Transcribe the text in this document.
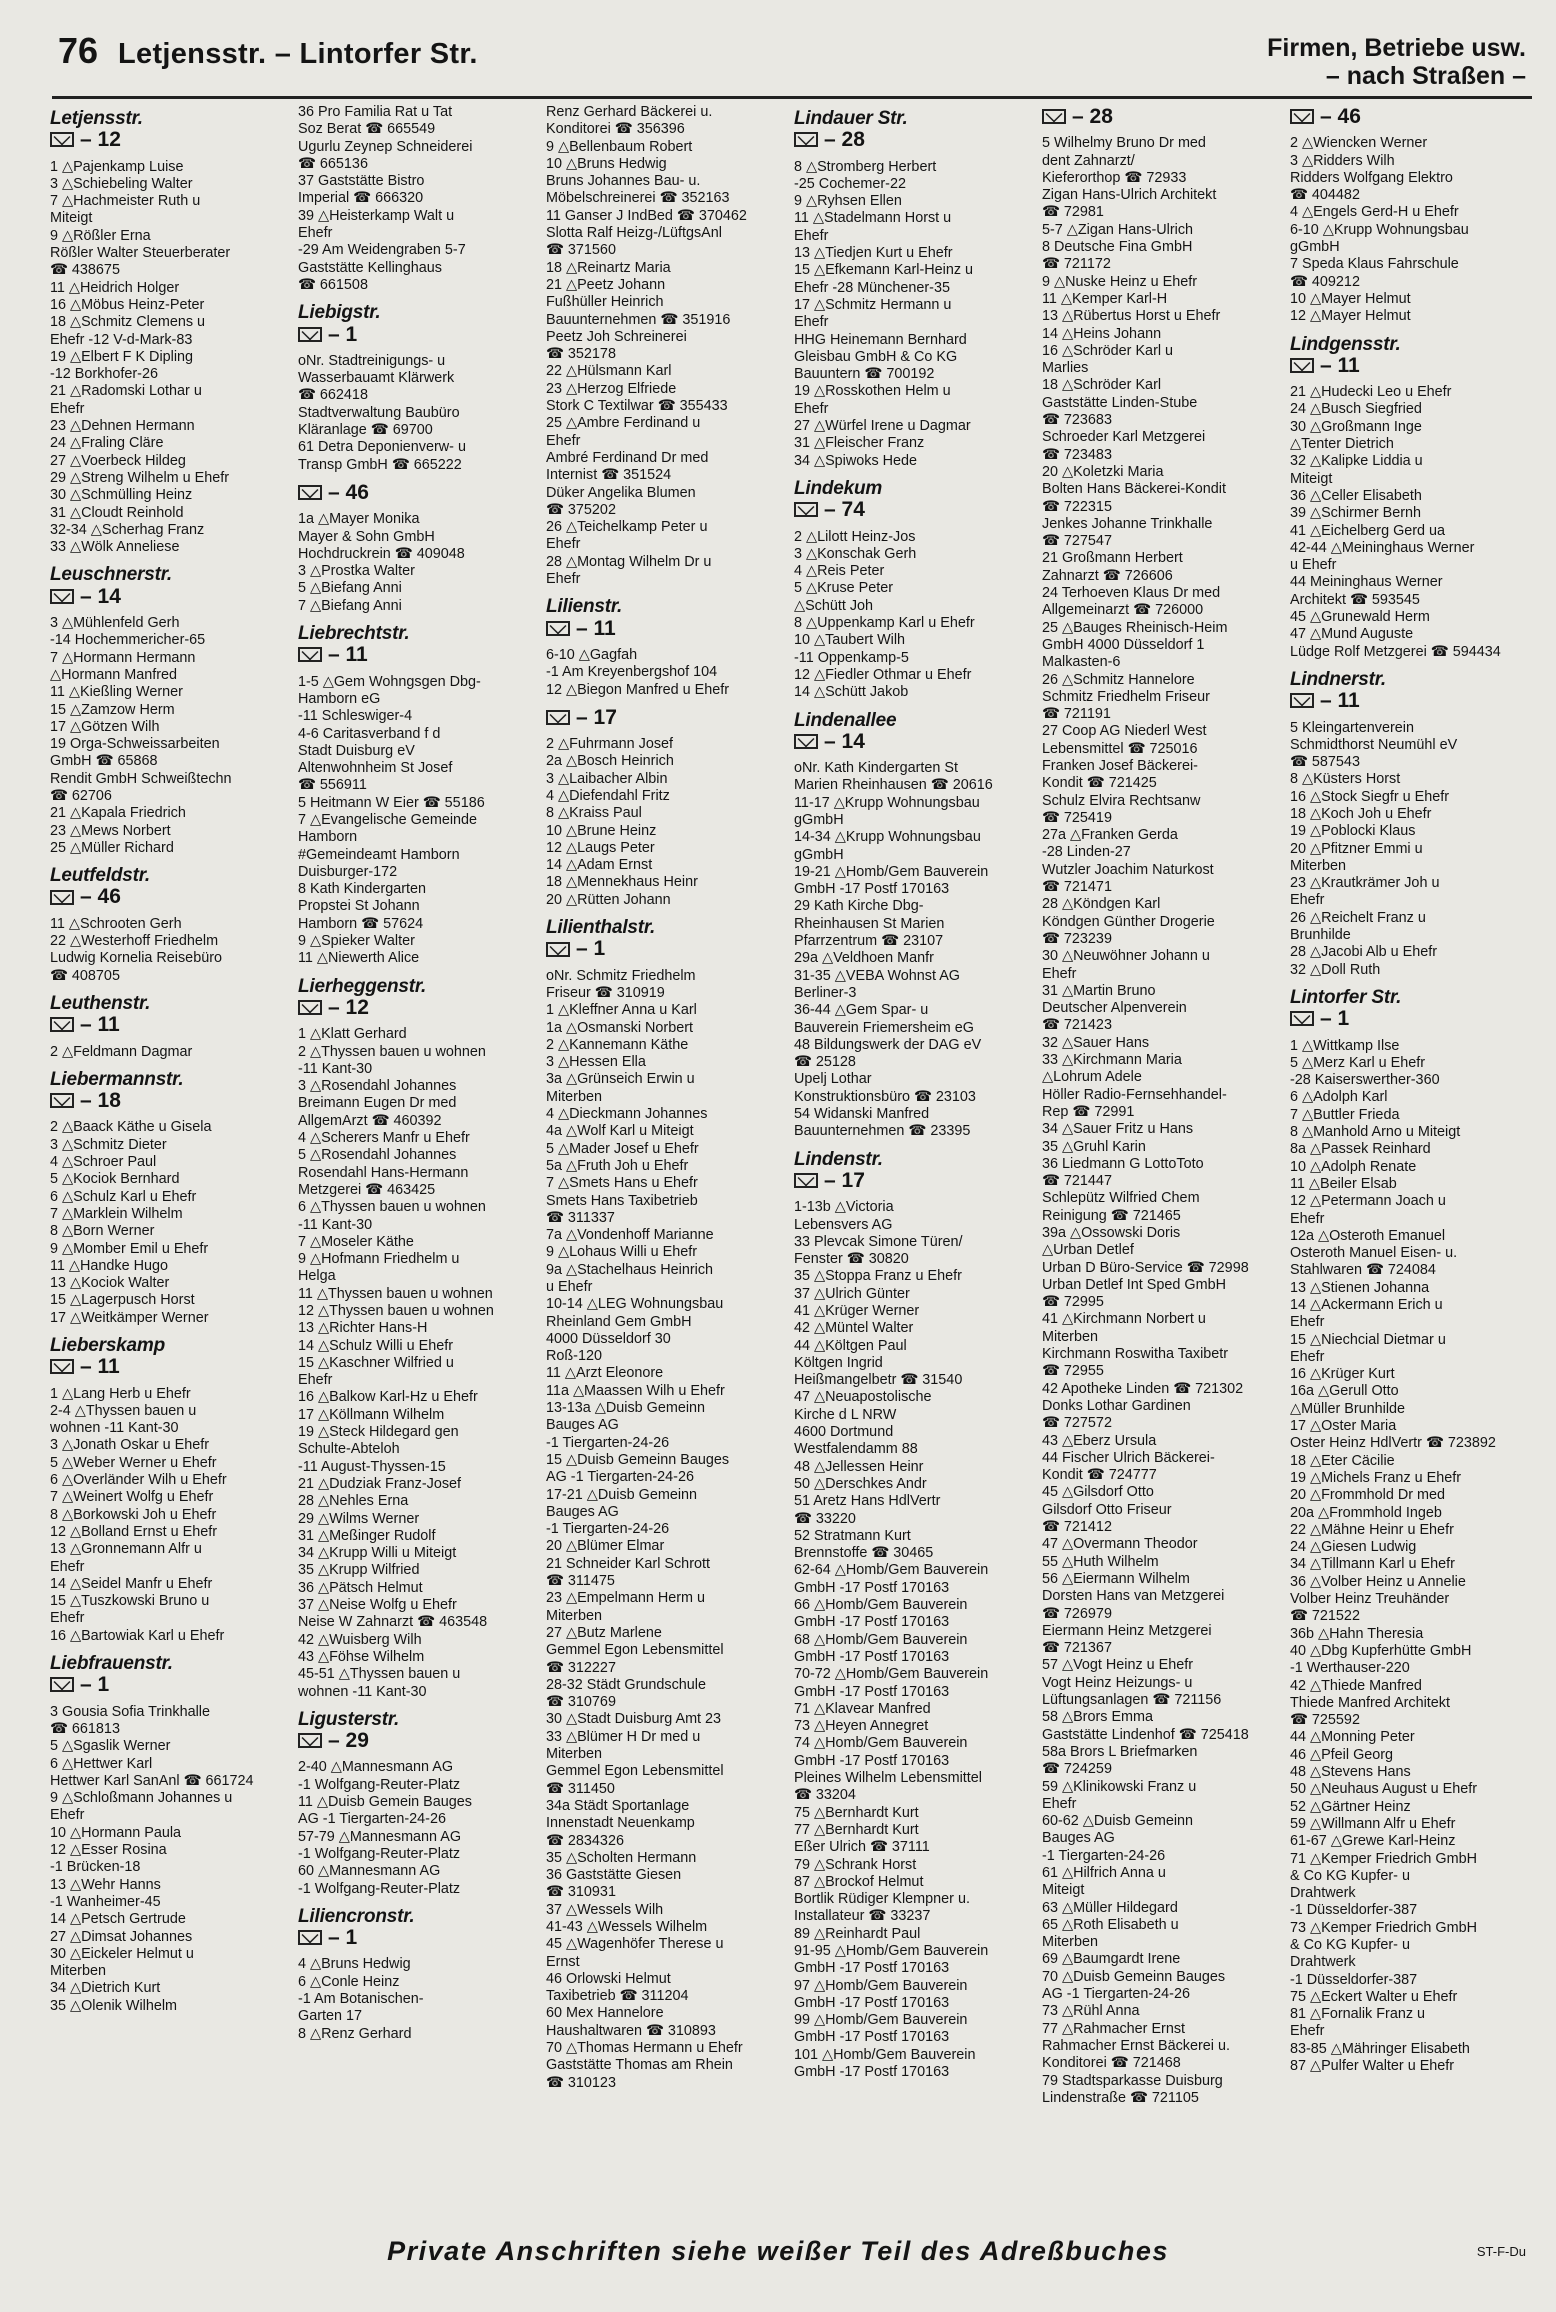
76 Letjensstr. – Lintorfer Str.	Firmen, Betriebe usw.
– nach Straßen –
Letjensstr.
– 12
1 △Pajenkamp Luise
3 △Schiebeling Walter
7 △Hachmeister Ruth u
Miteigt
9 △Rößler Erna
Rößler Walter Steuerberater
☎ 438675
11 △Heidrich Holger
16 △Möbus Heinz-Peter
18 △Schmitz Clemens u
Ehefr -12 V-d-Mark-83
19 △Elbert F K Dipling
-12 Borkhofer-26
21 △Radomski Lothar u
Ehefr
23 △Dehnen Hermann
24 △Fraling Cläre
27 △Voerbeck Hildeg
29 △Streng Wilhelm u Ehefr
30 △Schmülling Heinz
31 △Cloudt Reinhold
32-34 △Scherhag Franz
33 △Wölk Anneliese
Leuschnerstr.
– 14
3 △Mühlenfeld Gerh
-14 Hochemmericher-65
7 △Hormann Hermann
△Hormann Manfred
11 △Kießling Werner
15 △Zamzow Herm
17 △Götzen Wilh
19 Orga-Schweissarbeiten
GmbH ☎ 65868
Rendit GmbH Schweißtechn
☎ 62706
21 △Kapala Friedrich
23 △Mews Norbert
25 △Müller Richard
Leutfeldstr.
– 46
11 △Schrooten Gerh
22 △Westerhoff Friedhelm
Ludwig Kornelia Reisebüro
☎ 408705
Leuthenstr.
– 11
2 △Feldmann Dagmar
Liebermannstr.
– 18
2 △Baack Käthe u Gisela
3 △Schmitz Dieter
4 △Schroer Paul
5 △Kociok Bernhard
6 △Schulz Karl u Ehefr
7 △Marklein Wilhelm
8 △Born Werner
9 △Momber Emil u Ehefr
11 △Handke Hugo
13 △Kociok Walter
15 △Lagerpusch Horst
17 △Weitkämper Werner
Lieberskamp
– 11
1 △Lang Herb u Ehefr
2-4 △Thyssen bauen u
wohnen -11 Kant-30
3 △Jonath Oskar u Ehefr
5 △Weber Werner u Ehefr
6 △Overländer Wilh u Ehefr
7 △Weinert Wolfg u Ehefr
8 △Borkowski Joh u Ehefr
12 △Bolland Ernst u Ehefr
13 △Gronnemann Alfr u
Ehefr
14 △Seidel Manfr u Ehefr
15 △Tuszkowski Bruno u
Ehefr
16 △Bartowiak Karl u Ehefr
Liebfrauenstr.
– 1
3 Gousia Sofia Trinkhalle
☎ 661813
5 △Sgaslik Werner
6 △Hettwer Karl
Hettwer Karl SanAnl ☎ 661724
9 △Schloßmann Johannes u
Ehefr
10 △Hormann Paula
12 △Esser Rosina
-1 Brücken-18
13 △Wehr Hanns
-1 Wanheimer-45
14 △Petsch Gertrude
27 △Dimsat Johannes
30 △Eickeler Helmut u
Miterben
34 △Dietrich Kurt
35 △Olenik Wilhelm
36 Pro Familia Rat u Tat
Soz Berat ☎ 665549
Ugurlu Zeynep Schneiderei
☎ 665136
37 Gaststätte Bistro
Imperial ☎ 666320
39 △Heisterkamp Walt u
Ehefr
-29 Am Weidengraben 5-7
Gaststätte Kellinghaus
☎ 661508
Liebigstr.
– 1
oNr. Stadtreinigungs- u
Wasserbauamt Klärwerk
☎ 662418
Stadtverwaltung Baubüro
Kläranlage ☎ 69700
61 Detra Deponienverw- u
Transp GmbH ☎ 665222
– 46
1a △Mayer Monika
Mayer & Sohn GmbH
Hochdruckrein ☎ 409048
3 △Prostka Walter
5 △Biefang Anni
7 △Biefang Anni
Liebrechtstr.
– 11
1-5 △Gem Wohngsgen Dbg-
Hamborn eG
-11 Schleswiger-4
4-6 Caritasverband f d
Stadt Duisburg eV
Altenwohnheim St Josef
☎ 556911
5 Heitmann W Eier ☎ 55186
7 △Evangelische Gemeinde
Hamborn
#Gemeindeamt Hamborn
Duisburger-172
8 Kath Kindergarten
Propstei St Johann
Hamborn ☎ 57624
9 △Spieker Walter
11 △Niewerth Alice
Lierheggenstr.
– 12
1 △Klatt Gerhard
2 △Thyssen bauen u wohnen
-11 Kant-30
3 △Rosendahl Johannes
Breimann Eugen Dr med
AllgemArzt ☎ 460392
4 △Scherers Manfr u Ehefr
5 △Rosendahl Johannes
Rosendahl Hans-Hermann
Metzgerei ☎ 463425
6 △Thyssen bauen u wohnen
-11 Kant-30
7 △Moseler Käthe
9 △Hofmann Friedhelm u
Helga
11 △Thyssen bauen u wohnen
12 △Thyssen bauen u wohnen
13 △Richter Hans-H
14 △Schulz Willi u Ehefr
15 △Kaschner Wilfried u
Ehefr
16 △Balkow Karl-Hz u Ehefr
17 △Köllmann Wilhelm
19 △Steck Hildegard gen
Schulte-Abteloh
-11 August-Thyssen-15
21 △Dudziak Franz-Josef
28 △Nehles Erna
29 △Wilms Werner
31 △Meßinger Rudolf
34 △Krupp Willi u Miteigt
35 △Krupp Wilfried
36 △Pätsch Helmut
37 △Neise Wolfg u Ehefr
Neise W Zahnarzt ☎ 463548
42 △Wuisberg Wilh
43 △Föhse Wilhelm
45-51 △Thyssen bauen u
wohnen -11 Kant-30
Ligusterstr.
– 29
2-40 △Mannesmann AG
-1 Wolfgang-Reuter-Platz
11 △Duisb Gemein Bauges
AG -1 Tiergarten-24-26
57-79 △Mannesmann AG
-1 Wolfgang-Reuter-Platz
60 △Mannesmann AG
-1 Wolfgang-Reuter-Platz
Liliencronstr.
– 1
4 △Bruns Hedwig
6 △Conle Heinz
-1 Am Botanischen-
Garten 17
8 △Renz Gerhard
Renz Gerhard Bäckerei u.
Konditorei ☎ 356396
9 △Bellenbaum Robert
10 △Bruns Hedwig
Bruns Johannes Bau- u.
Möbelschreinerei ☎ 352163
11 Ganser J IndBed ☎ 370462
Slotta Ralf Heizg-/LüftgsAnl
☎ 371560
18 △Reinartz Maria
21 △Peetz Johann
Fußhüller Heinrich
Bauunternehmen ☎ 351916
Peetz Joh Schreinerei
☎ 352178
22 △Hülsmann Karl
23 △Herzog Elfriede
Stork C Textilwar ☎ 355433
25 △Ambre Ferdinand u
Ehefr
Ambré Ferdinand Dr med
Internist ☎ 351524
Düker Angelika Blumen
☎ 375202
26 △Teichelkamp Peter u
Ehefr
28 △Montag Wilhelm Dr u
Ehefr
Lilienstr.
– 11
6-10 △Gagfah
-1 Am Kreyenbergshof 104
12 △Biegon Manfred u Ehefr
– 17
2 △Fuhrmann Josef
2a △Bosch Heinrich
3 △Laibacher Albin
4 △Diefendahl Fritz
8 △Kraiss Paul
10 △Brune Heinz
12 △Laugs Peter
14 △Adam Ernst
18 △Mennekhaus Heinr
20 △Rütten Johann
Lilienthalstr.
– 1
oNr. Schmitz Friedhelm
Friseur ☎ 310919
1 △Kleffner Anna u Karl
1a △Osmanski Norbert
2 △Kannemann Käthe
3 △Hessen Ella
3a △Grünseich Erwin u
Miterben
4 △Dieckmann Johannes
4a △Wolf Karl u Miteigt
5 △Mader Josef u Ehefr
5a △Fruth Joh u Ehefr
7 △Smets Hans u Ehefr
Smets Hans Taxibetrieb
☎ 311337
7a △Vondenhoff Marianne
9 △Lohaus Willi u Ehefr
9a △Stachelhaus Heinrich
u Ehefr
10-14 △LEG Wohnungsbau
Rheinland Gem GmbH
4000 Düsseldorf 30
Roß-120
11 △Arzt Eleonore
11a △Maassen Wilh u Ehefr
13-13a △Duisb Gemeinn
Bauges AG
-1 Tiergarten-24-26
15 △Duisb Gemeinn Bauges
AG -1 Tiergarten-24-26
17-21 △Duisb Gemeinn
Bauges AG
-1 Tiergarten-24-26
20 △Blümer Elmar
21 Schneider Karl Schrott
☎ 311475
23 △Empelmann Herm u
Miterben
27 △Butz Marlene
Gemmel Egon Lebensmittel
☎ 312227
28-32 Städt Grundschule
☎ 310769
30 △Stadt Duisburg Amt 23
33 △Blümer H Dr med u
Miterben
Gemmel Egon Lebensmittel
☎ 311450
34a Städt Sportanlage
Innenstadt Neuenkamp
☎ 2834326
35 △Scholten Hermann
36 Gaststätte Giesen
☎ 310931
37 △Wessels Wilh
41-43 △Wessels Wilhelm
45 △Wagenhöfer Therese u
Ernst
46 Orlowski Helmut
Taxibetrieb ☎ 311204
60 Mex Hannelore
Haushaltwaren ☎ 310893
70 △Thomas Hermann u Ehefr
Gaststätte Thomas am Rhein
☎ 310123
Lindauer Str.
– 28
8 △Stromberg Herbert
-25 Cochemer-22
9 △Ryhsen Ellen
11 △Stadelmann Horst u
Ehefr
13 △Tiedjen Kurt u Ehefr
15 △Efkemann Karl-Heinz u
Ehefr -28 Münchener-35
17 △Schmitz Hermann u
Ehefr
HHG Heinemann Bernhard
Gleisbau GmbH & Co KG
Bauuntern ☎ 700192
19 △Rosskothen Helm u
Ehefr
27 △Würfel Irene u Dagmar
31 △Fleischer Franz
34 △Spiwoks Hede
Lindekum
– 74
2 △Lilott Heinz-Jos
3 △Konschak Gerh
4 △Reis Peter
5 △Kruse Peter
△Schütt Joh
8 △Uppenkamp Karl u Ehefr
10 △Taubert Wilh
-11 Oppenkamp-5
12 △Fiedler Othmar u Ehefr
14 △Schütt Jakob
Lindenallee
– 14
oNr. Kath Kindergarten St
Marien Rheinhausen ☎ 20616
11-17 △Krupp Wohnungsbau
gGmbH
14-34 △Krupp Wohnungsbau
gGmbH
19-21 △Homb/Gem Bauverein
GmbH -17 Postf 170163
29 Kath Kirche Dbg-
Rheinhausen St Marien
Pfarrzentrum ☎ 23107
29a △Veldhoen Manfr
31-35 △VEBA Wohnst AG
Berliner-3
36-44 △Gem Spar- u
Bauverein Friemersheim eG
48 Bildungswerk der DAG eV
☎ 25128
Upelj Lothar
Konstruktionsbüro ☎ 23103
54 Widanski Manfred
Bauunternehmen ☎ 23395
Lindenstr.
– 17
1-13b △Victoria
Lebensvers AG
33 Plevcak Simone Türen/
Fenster ☎ 30820
35 △Stoppa Franz u Ehefr
37 △Ulrich Günter
41 △Krüger Werner
42 △Müntel Walter
44 △Költgen Paul
Költgen Ingrid
Heißmangelbetr ☎ 31540
47 △Neuapostolische
Kirche d L NRW
4600 Dortmund
Westfalendamm 88
48 △Jellessen Heinr
50 △Derschkes Andr
51 Aretz Hans HdlVertr
☎ 33220
52 Stratmann Kurt
Brennstoffe ☎ 30465
62-64 △Homb/Gem Bauverein
GmbH -17 Postf 170163
66 △Homb/Gem Bauverein
GmbH -17 Postf 170163
68 △Homb/Gem Bauverein
GmbH -17 Postf 170163
70-72 △Homb/Gem Bauverein
GmbH -17 Postf 170163
71 △Klavear Manfred
73 △Heyen Annegret
74 △Homb/Gem Bauverein
GmbH -17 Postf 170163
Pleines Wilhelm Lebensmittel
☎ 33204
75 △Bernhardt Kurt
77 △Bernhardt Kurt
Eßer Ulrich ☎ 37111
79 △Schrank Horst
87 △Brockof Helmut
Bortlik Rüdiger Klempner u.
Installateur ☎ 33237
89 △Reinhardt Paul
91-95 △Homb/Gem Bauverein
GmbH -17 Postf 170163
97 △Homb/Gem Bauverein
GmbH -17 Postf 170163
99 △Homb/Gem Bauverein
GmbH -17 Postf 170163
101 △Homb/Gem Bauverein
GmbH -17 Postf 170163
– 28
5 Wilhelmy Bruno Dr med
dent Zahnarzt/
Kieferorthop ☎ 72933
Zigan Hans-Ulrich Architekt
☎ 72981
5-7 △Zigan Hans-Ulrich
8 Deutsche Fina GmbH
☎ 721172
9 △Nuske Heinz u Ehefr
11 △Kemper Karl-H
13 △Rübertus Horst u Ehefr
14 △Heins Johann
16 △Schröder Karl u
Marlies
18 △Schröder Karl
Gaststätte Linden-Stube
☎ 723683
Schroeder Karl Metzgerei
☎ 723483
20 △Koletzki Maria
Bolten Hans Bäckerei-Kondit
☎ 722315
Jenkes Johanne Trinkhalle
☎ 727547
21 Großmann Herbert
Zahnarzt ☎ 726606
24 Terhoeven Klaus Dr med
Allgemeinarzt ☎ 726000
25 △Bauges Rheinisch-Heim
GmbH 4000 Düsseldorf 1
Malkasten-6
26 △Schmitz Hannelore
Schmitz Friedhelm Friseur
☎ 721191
27 Coop AG Niederl West
Lebensmittel ☎ 725016
Franken Josef Bäckerei-
Kondit ☎ 721425
Schulz Elvira Rechtsanw
☎ 725419
27a △Franken Gerda
-28 Linden-27
Wutzler Joachim Naturkost
☎ 721471
28 △Köndgen Karl
Köndgen Günther Drogerie
☎ 723239
30 △Neuwöhner Johann u
Ehefr
31 △Martin Bruno
Deutscher Alpenverein
☎ 721423
32 △Sauer Hans
33 △Kirchmann Maria
△Lohrum Adele
Höller Radio-Fernsehhandel-
Rep ☎ 72991
34 △Sauer Fritz u Hans
35 △Gruhl Karin
36 Liedmann G LottoToto
☎ 721447
Schlepütz Wilfried Chem
Reinigung ☎ 721465
39a △Ossowski Doris
△Urban Detlef
Urban D Büro-Service ☎ 72998
Urban Detlef Int Sped GmbH
☎ 72995
41 △Kirchmann Norbert u
Miterben
Kirchmann Roswitha Taxibetr
☎ 72955
42 Apotheke Linden ☎ 721302
Donks Lothar Gardinen
☎ 727572
43 △Eberz Ursula
44 Fischer Ulrich Bäckerei-
Kondit ☎ 724777
45 △Gilsdorf Otto
Gilsdorf Otto Friseur
☎ 721412
47 △Overmann Theodor
55 △Huth Wilhelm
56 △Eiermann Wilhelm
Dorsten Hans van Metzgerei
☎ 726979
Eiermann Heinz Metzgerei
☎ 721367
57 △Vogt Heinz u Ehefr
Vogt Heinz Heizungs- u
Lüftungsanlagen ☎ 721156
58 △Brors Emma
Gaststätte Lindenhof ☎ 725418
58a Brors L Briefmarken
☎ 724259
59 △Klinikowski Franz u
Ehefr
60-62 △Duisb Gemeinn
Bauges AG
-1 Tiergarten-24-26
61 △Hilfrich Anna u
Miteigt
63 △Müller Hildegard
65 △Roth Elisabeth u
Miterben
69 △Baumgardt Irene
70 △Duisb Gemeinn Bauges
AG -1 Tiergarten-24-26
73 △Rühl Anna
77 △Rahmacher Ernst
Rahmacher Ernst Bäckerei u.
Konditorei ☎ 721468
79 Stadtsparkasse Duisburg
Lindenstraße ☎ 721105
– 46
2 △Wiencken Werner
3 △Ridders Wilh
Ridders Wolfgang Elektro
☎ 404482
4 △Engels Gerd-H u Ehefr
6-10 △Krupp Wohnungsbau
gGmbH
7 Speda Klaus Fahrschule
☎ 409212
10 △Mayer Helmut
12 △Mayer Helmut
Lindgensstr.
– 11
21 △Hudecki Leo u Ehefr
24 △Busch Siegfried
30 △Großmann Inge
△Tenter Dietrich
32 △Kalipke Liddia u
Miteigt
36 △Celler Elisabeth
39 △Schirmer Bernh
41 △Eichelberg Gerd ua
42-44 △Meininghaus Werner
u Ehefr
44 Meininghaus Werner
Architekt ☎ 593545
45 △Grunewald Herm
47 △Mund Auguste
Lüdge Rolf Metzgerei ☎ 594434
Lindnerstr.
– 11
5 Kleingartenverein
Schmidthorst Neumühl eV
☎ 587543
8 △Küsters Horst
16 △Stock Siegfr u Ehefr
18 △Koch Joh u Ehefr
19 △Poblocki Klaus
20 △Pfitzner Emmi u
Miterben
23 △Krautkrämer Joh u
Ehefr
26 △Reichelt Franz u
Brunhilde
28 △Jacobi Alb u Ehefr
32 △Doll Ruth
Lintorfer Str.
– 1
1 △Wittkamp Ilse
5 △Merz Karl u Ehefr
-28 Kaiserswerther-360
6 △Adolph Karl
7 △Buttler Frieda
8 △Manhold Arno u Miteigt
8a △Passek Reinhard
10 △Adolph Renate
11 △Beiler Elsab
12 △Petermann Joach u
Ehefr
12a △Osteroth Emanuel
Osteroth Manuel Eisen- u.
Stahlwaren ☎ 724084
13 △Stienen Johanna
14 △Ackermann Erich u
Ehefr
15 △Niechcial Dietmar u
Ehefr
16 △Krüger Kurt
16a △Gerull Otto
△Müller Brunhilde
17 △Oster Maria
Oster Heinz HdlVertr ☎ 723892
18 △Eter Cäcilie
19 △Michels Franz u Ehefr
20 △Frommhold Dr med
20a △Frommhold Ingeb
22 △Mähne Heinr u Ehefr
24 △Giesen Ludwig
34 △Tillmann Karl u Ehefr
36 △Volber Heinz u Annelie
Volber Heinz Treuhänder
☎ 721522
36b △Hahn Theresia
40 △Dbg Kupferhütte GmbH
-1 Werthauser-220
42 △Thiede Manfred
Thiede Manfred Architekt
☎ 725592
44 △Monning Peter
46 △Pfeil Georg
48 △Stevens Hans
50 △Neuhaus August u Ehefr
52 △Gärtner Heinz
59 △Willmann Alfr u Ehefr
61-67 △Grewe Karl-Heinz
71 △Kemper Friedrich GmbH
& Co KG Kupfer- u
Drahtwerk
-1 Düsseldorfer-387
73 △Kemper Friedrich GmbH
& Co KG Kupfer- u
Drahtwerk
-1 Düsseldorfer-387
75 △Eckert Walter u Ehefr
81 △Fornalik Franz u
Ehefr
83-85 △Mähringer Elisabeth
87 △Pulfer Walter u Ehefr
Private Anschriften siehe weißer Teil des Adreßbuches	ST-F-Du
